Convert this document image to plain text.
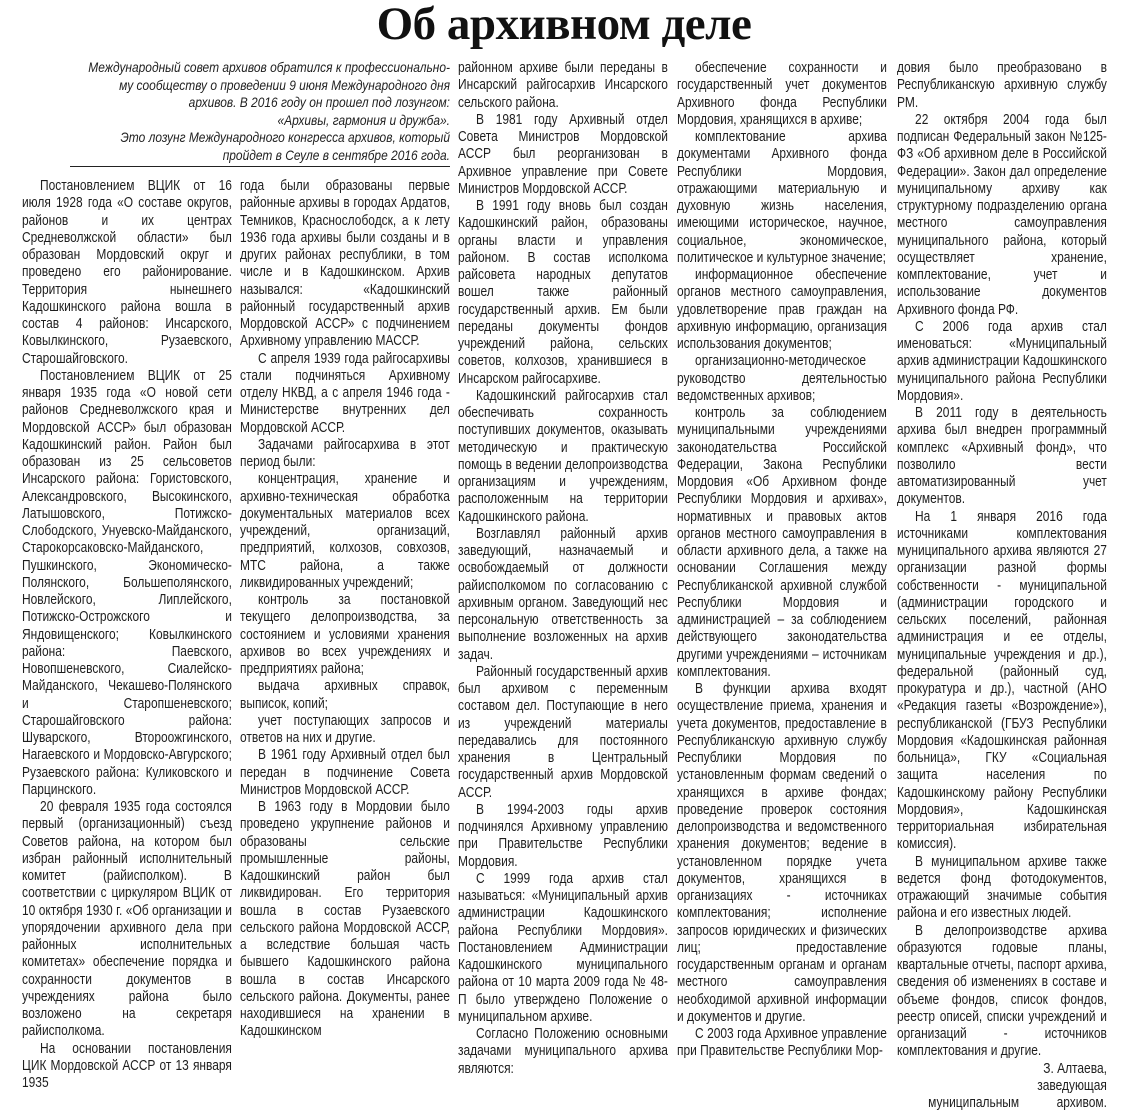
Об архивном деле
Международный совет архивов обратился к профессионально-
му сообществу о проведении 9 июня Международного дня
архивов. В 2016 году он прошел под лозунгом:
«Архивы, гармония и дружба».
Это лозунг Международного конгресса архивов, который
пройдет в Сеуле в сентябре 2016 года.

Постановлением ВЦИК от 16 июля 1928 года «О составе округов, районов и их центрах Средневолжской области» был образован Мордовский округ и проведено его районирование. Территория нынешнего Кадошкинского района вошла в состав 4 районов: Инсарского, Ковылкинского, Рузаевского, Старошайговского.

Постановлением ВЦИК от 25 января 1935 года «О новой сети районов Средневолжского края и Мордовской АССР» был образован Кадошкинский район. Район был образован из 25 сельсоветов Инсарского района: Гористовского, Александровского, Высокинского, Латышовского, Потижско-Слободского, Унуевско-Майданского, Старокорсаковско-Майданского, Пушкинского, Экономическо-Полянского, Большеполянского, Новлейского, Липлейского, Потижско-Острожского и Яндовищенского; Ковылкинского района: Паевского, Новопшеневского, Сиалейско-Майданского, Чекашево-Полянского и Старопшеневского; Старошайговского района: Шуварского, Второожгинского, Нагаевского и Мордовско-Авгурского; Рузаевского района: Куликовского и Парцинского.

20 февраля 1935 года состоялся первый (организационный) съезд Советов района, на котором был избран районный исполнительный комитет (райисполком). В соответствии с циркуляром ВЦИК от 10 октября 1930 г. «Об организации и упорядочении архивного дела при районных исполнительных комитетах» обеспечение порядка и сохранности документов в учреждениях района было возложено на секретаря райисполкома.

На основании постановления ЦИК Мордовской АССР от 13 января 1935

года были образованы первые районные архивы в городах Ардатов, Темников, Краснослободск, а к лету 1936 года архивы были созданы и в других районах республики, в том числе и в Кадошкинском. Архив назывался: «Кадошкинский районный государственный архив Мордовской АССР» с подчинением Архивному управлению МАССР.

С апреля 1939 года райгосархивы стали подчиняться Архивному отделу НКВД, а с апреля 1946 года - Министерстве внутренних дел Мордовской АССР.

Задачами райгосархива в этот период были:

концентрация, хранение и архивно-техническая обработка документальных материалов всех учреждений, организаций, предприятий, колхозов, совхозов, МТС района, а также ликвидированных учреждений;

контроль за постановкой текущего делопроизводства, за состоянием и условиями хранения архивов во всех учреждениях и предприятиях района;

выдача архивных справок, выписок, копий;

учет поступающих запросов и ответов на них и другие.

В 1961 году Архивный отдел был передан в подчинение Совета Министров Мордовской АССР.

В 1963 году в Мордовии было проведено укрупнение районов и образованы сельские промышленные районы, Кадошкинский район был ликвидирован. Его территория вошла в состав Рузаевского сельского района Мордовской АССР, а вследствие большая часть бывшего Кадошкинского района вошла в состав Инсарского сельского района. Документы, ранее находившиеся на хранении в Кадошкинском

районном архиве были переданы в Инсарский райгосархив Инсарского сельского района.

В 1981 году Архивный отдел Совета Министров Мордовской АССР был реорганизован в Архивное управление при Совете Министров Мордовской АССР.

В 1991 году вновь был создан Кадошкинский район, образованы органы власти и управления районом. В состав исполкома райсовета народных депутатов вошел также районный государственный архив. Ем были переданы документы фондов учреждений района, сельских советов, колхозов, хранившиеся в Инсарском райгосархиве.

Кадошкинский райгосархив стал обеспечивать сохранность поступивших документов, оказывать методическую и практическую помощь в ведении делопроизводства организациям и учреждениям, расположенным на территории Кадошкинского района.

Возглавлял районный архив заведующий, назначаемый и освобождаемый от должности райисполкомом по согласованию с архивным органом. Заведующий нес персональную ответственность за выполнение возложенных на архив задач.

Районный государственный архив был архивом с переменным составом дел. Поступающие в него из учреждений материалы передавались для постоянного хранения в Центральный государственный архив Мордовской АССР.

В 1994-2003 годы архив подчинялся Архивному управлению при Правительстве Республики Мордовия.

С 1999 года архив стал называться: «Муниципальный архив администрации Кадошкинского района Республики Мордовия». Постановлением Администрации Кадошкинского муниципального района от 10 марта 2009 года № 48-П было утверждено Положение о муниципальном архиве.

Согласно Положению основными задачами муниципального архива являются:

обеспечение сохранности и государственный учет документов Архивного фонда Республики Мордовия, хранящихся в архиве;

комплектование архива документами Архивного фонда Республики Мордовия, отражающими материальную и духовную жизнь населения, имеющими историческое, научное, социальное, экономическое, политическое и культурное значение;

информационное обеспечение органов местного самоуправления, удовлетворение прав граждан на архивную информацию, организация использования документов;

организационно-методическое руководство деятельностью ведомственных архивов;

контроль за соблюдением муниципальными учреждениями законодательства Российской Федерации, Закона Республики Мордовия «Об Архивном фонде Республики Мордовия и архивах», нормативных и правовых актов органов местного самоуправления в области архивного дела, а также на основании Соглашения между Республиканской архивной службой Республики Мордовия и администрацией – за соблюдением действующего законодательства другими учреждениями – источникам комплектования.

В функции архива входят осуществление приема, хранения и учета документов, предоставление в Республиканскую архивную службу Республики Мордовия по установленным формам сведений о хранящихся в архиве фондах; проведение проверок состояния делопроизводства и ведомственного хранения документов; ведение в установленном порядке учета документов, хранящихся в организациях - источниках комплектования; исполнение запросов юридических и физических лиц; предоставление государственным органам и органам местного самоуправления необходимой архивной информации и документов и другие.

С 2003 года Архивное управление при Правительстве Республики Мор-

довия было преобразовано в Республиканскую архивную службу РМ.

22 октября 2004 года был подписан Федеральный закон №125-ФЗ «Об архивном деле в Российской Федерации». Закон дал определение муниципальному архиву как структурному подразделению органа местного самоуправления муниципального района, который осуществляет хранение, комплектование, учет и использование документов Архивного фонда РФ.

С 2006 года архив стал именоваться: «Муниципальный архив администрации Кадошкинского муниципального района Республики Мордовия».

В 2011 году в деятельность архива был внедрен программный комплекс «Архивный фонд», что позволило вести автоматизированный учет документов.

На 1 января 2016 года источниками комплектования муниципального архива являются 27 организации разной формы собственности - муниципальной (администрации городского и сельских поселений, районная администрация и ее отделы, муниципальные учреждения и др.), федеральной (районный суд, прокуратура и др.), частной (АНО «Редакция газеты «Возрождение»), республиканской (ГБУЗ Республики Мордовия «Кадошкинская районная больница», ГКУ «Социальная защита населения по Кадошкинскому району Республики Мордовия», Кадошкинская территориальная избирательная комиссия).

В муниципальном архиве также ведется фонд фотодокументов, отражающий значимые события района и его известных людей.

В делопроизводстве архива образуются годовые планы, квартальные отчеты, паспорт архива, сведения об изменениях в составе и объеме фондов, список фондов, реестр описей, списки учреждений и организаций - источников комплектования и другие.

З. Алтаева,
заведующая
муниципальным архивом.
